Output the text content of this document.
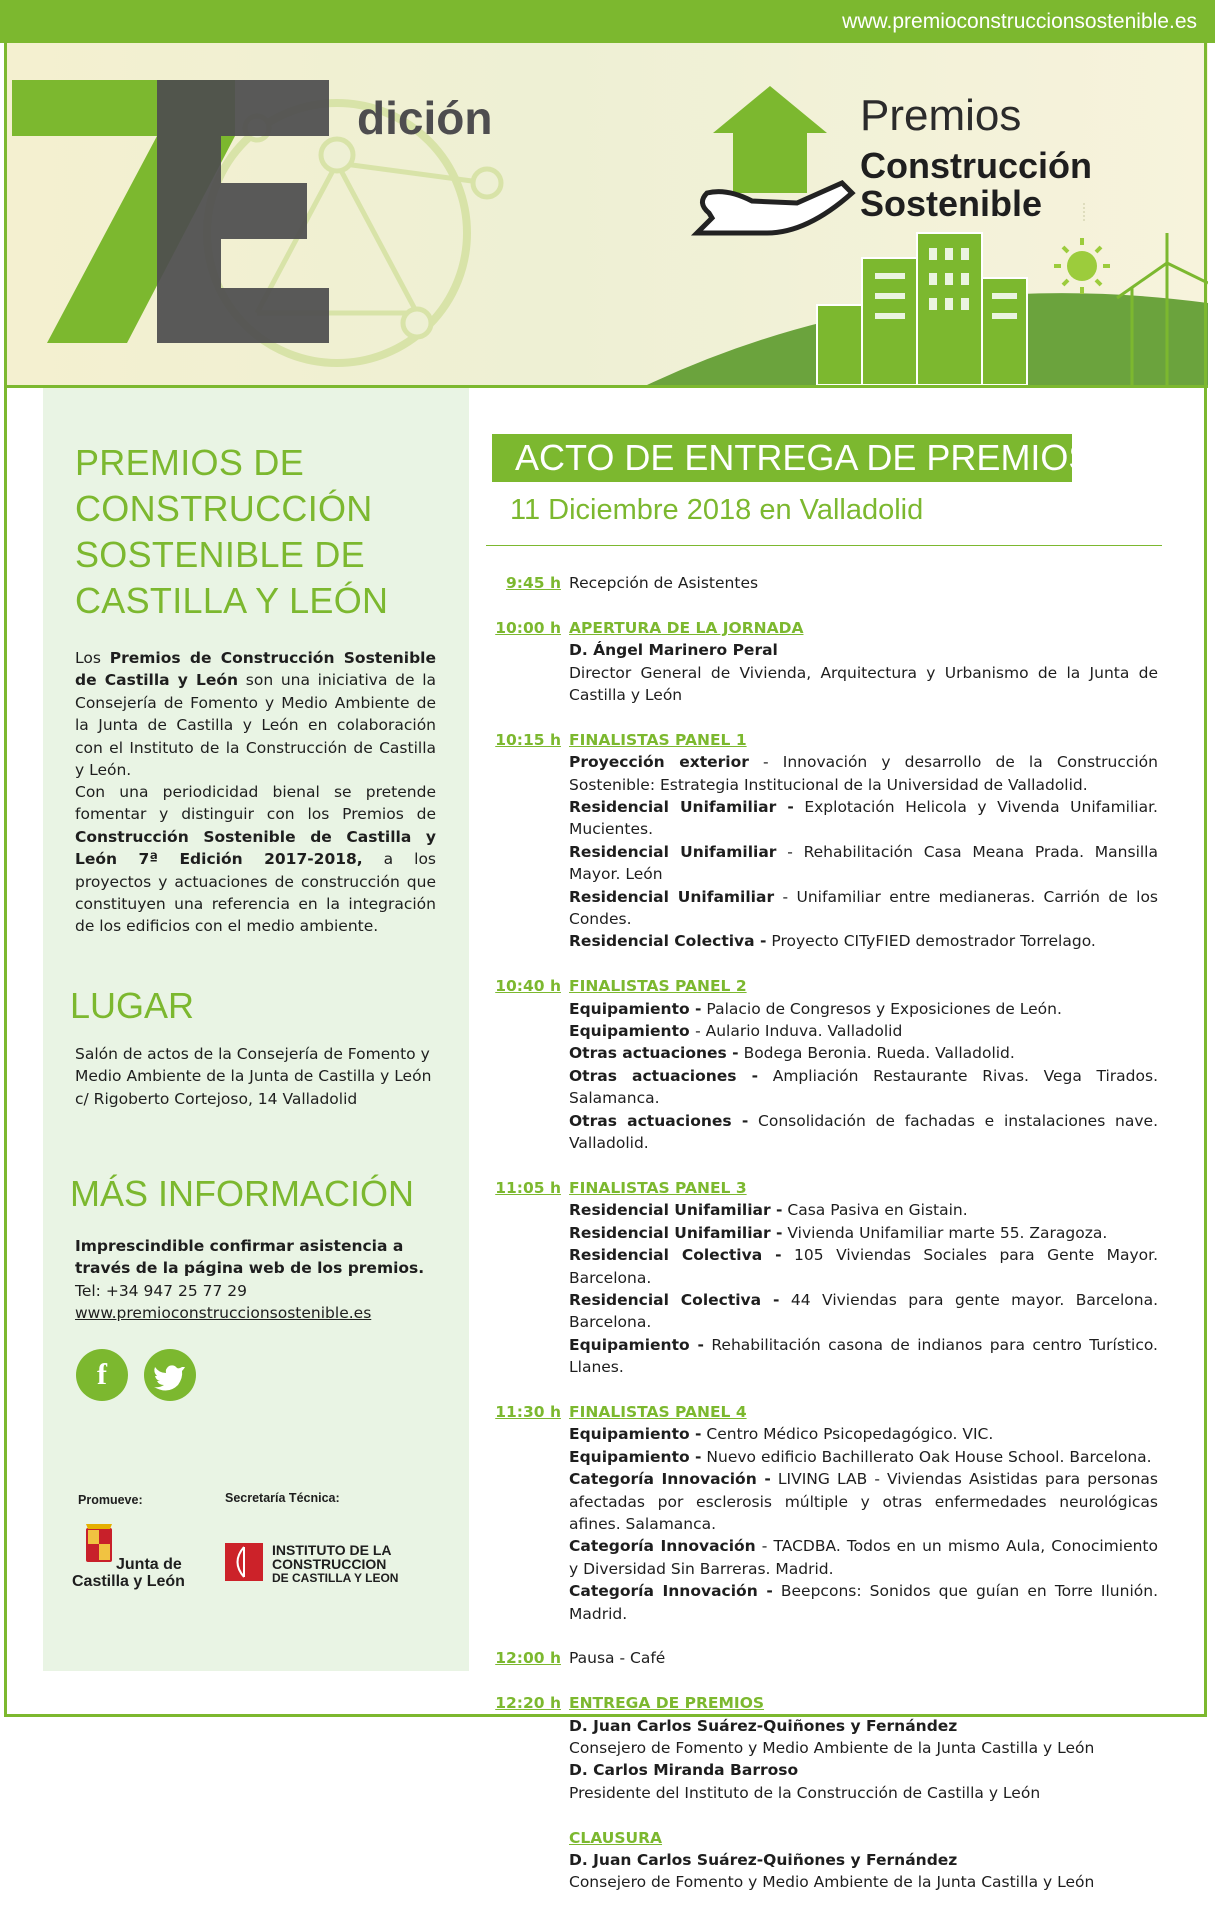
www.premioconstruccionsostenible.es
dición	Premios
Construcción
Sostenible
PREMIOS DE
CONSTRUCCIÓN
SOSTENIBLE DE
CASTILLA Y LEÓN
Los Premios de Construcción Sostenible de Castilla y León son una iniciativa de la Consejería de Fomento y Medio Ambiente de la Junta de Castilla y León en colaboración con el Instituto de la Construcción de Castilla y León.
Con una periodicidad bienal se pretende fomentar y distinguir con los Premios de Construcción Sostenible de Castilla y León 7ª Edición 2017-2018, a los proyectos y actuaciones de construcción que constituyen una referencia en la integración de los edificios con el medio ambiente.
LUGAR
Salón de actos de la Consejería de Fomento y
Medio Ambiente de la Junta de Castilla y León
c/ Rigoberto Cortejoso, 14 Valladolid
MÁS INFORMACIÓN
Imprescindible confirmar asistencia a través de la página web de los premios.
Tel: +34 947 25 77 29
www.premioconstruccionsostenible.es
f
Promueve:	Secretaría Técnica:
Junta de
Castilla y León
INSTITUTO DE LA
CONSTRUCCION
DE CASTILLA Y LEON
ACTO DE ENTREGA DE PREMIOS
11 Diciembre 2018 en Valladolid
9:45 h Recepción de Asistentes
10:00 h APERTURA DE LA JORNADA
D. Ángel Marinero Peral
Director General de Vivienda, Arquitectura y Urbanismo de la Junta de Castilla y León
10:15 h FINALISTAS PANEL 1
Proyección exterior - Innovación y desarrollo de la Construcción Sostenible: Estrategia Institucional de la Universidad de Valladolid.
Residencial Unifamiliar - Explotación Helicola y Vivenda Unifamiliar. Mucientes.
Residencial Unifamiliar - Rehabilitación Casa Meana Prada. Mansilla Mayor. León
Residencial Unifamiliar - Unifamiliar entre medianeras. Carrión de los Condes.
Residencial Colectiva - Proyecto CITyFIED demostrador Torrelago.
10:40 h FINALISTAS PANEL 2
Equipamiento - Palacio de Congresos y Exposiciones de León.
Equipamiento - Aulario Induva. Valladolid
Otras actuaciones - Bodega Beronia. Rueda. Valladolid.
Otras actuaciones - Ampliación Restaurante Rivas. Vega Tirados. Salamanca.
Otras actuaciones - Consolidación de fachadas e instalaciones nave. Valladolid.
11:05 h FINALISTAS PANEL 3
Residencial Unifamiliar - Casa Pasiva en Gistain.
Residencial Unifamiliar - Vivienda Unifamiliar marte 55. Zaragoza.
Residencial Colectiva - 105 Viviendas Sociales para Gente Mayor. Barcelona.
Residencial Colectiva - 44 Viviendas para gente mayor. Barcelona. Barcelona.
Equipamiento - Rehabilitación casona de indianos para centro Turístico. Llanes.
11:30 h FINALISTAS PANEL 4
Equipamiento - Centro Médico Psicopedagógico. VIC.
Equipamiento - Nuevo edificio Bachillerato Oak House School. Barcelona.
Categoría Innovación - LIVING LAB - Viviendas Asistidas para personas afectadas por esclerosis múltiple y otras enfermedades neurológicas afines. Salamanca.
Categoría Innovación - TACDBA. Todos en un mismo Aula, Conocimiento y Diversidad Sin Barreras. Madrid.
Categoría Innovación - Beepcons: Sonidos que guían en Torre Ilunión. Madrid.
12:00 h Pausa - Café
12:20 h ENTREGA DE PREMIOS
D. Juan Carlos Suárez-Quiñones y Fernández
Consejero de Fomento y Medio Ambiente de la Junta Castilla y León
D. Carlos Miranda Barroso
Presidente del Instituto de la Construcción de Castilla y León
CLAUSURA
D. Juan Carlos Suárez-Quiñones y Fernández
Consejero de Fomento y Medio Ambiente de la Junta Castilla y León
